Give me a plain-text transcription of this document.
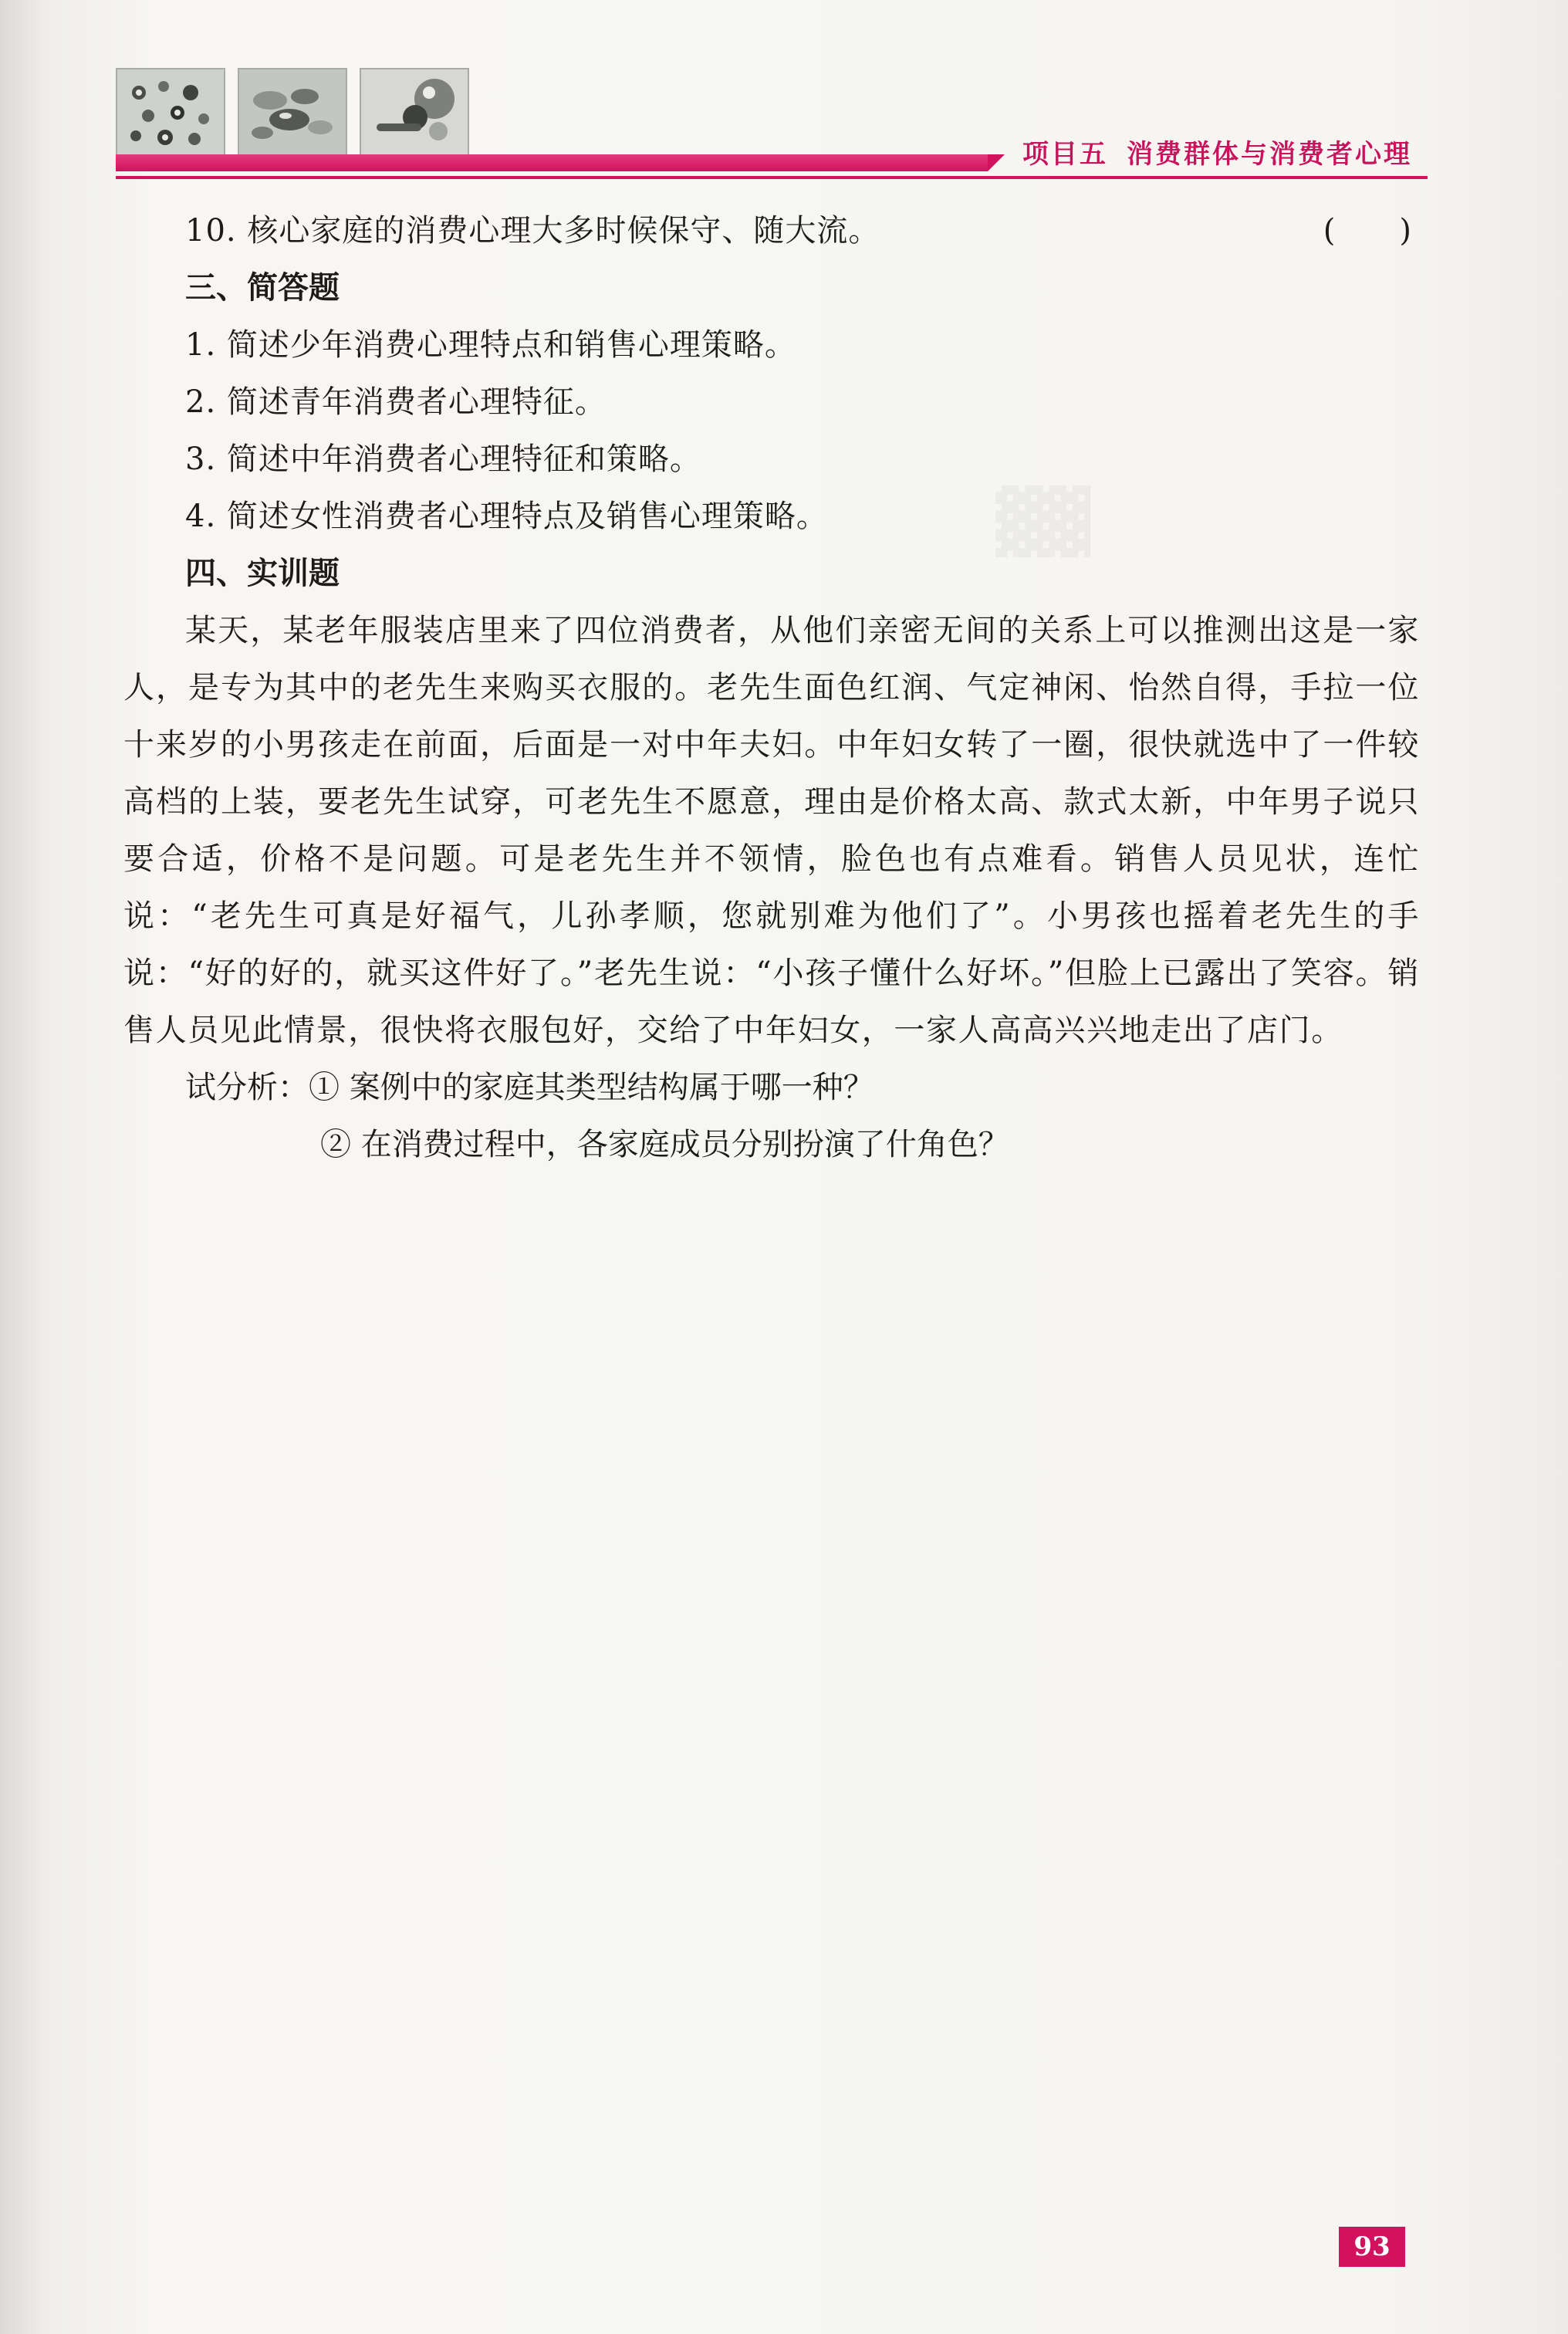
▓▓
项目五 消费群体与消费者心理
10. 核心家庭的消费心理大多时候保守、随大流。	(　　)
三、简答题
1. 简述少年消费心理特点和销售心理策略。
2. 简述青年消费者心理特征。
3. 简述中年消费者心理特征和策略。
4. 简述女性消费者心理特点及销售心理策略。
四、实训题

某天，某老年服装店里来了四位消费者，从他们亲密无间的关系上可以推测出这是一家人，是专为其中的老先生来购买衣服的。老先生面色红润、气定神闲、怡然自得，手拉一位十来岁的小男孩走在前面，后面是一对中年夫妇。中年妇女转了一圈，很快就选中了一件较高档的上装，要老先生试穿，可老先生不愿意，理由是价格太高、款式太新，中年男子说只要合适，价格不是问题。可是老先生并不领情，脸色也有点难看。销售人员见状，连忙说：“老先生可真是好福气，儿孙孝顺，您就别难为他们了”。小男孩也摇着老先生的手说：“好的好的，就买这件好了。”老先生说：“小孩子懂什么好坏。”但脸上已露出了笑容。销售人员见此情景，很快将衣服包好，交给了中年妇女，一家人高高兴兴地走出了店门。

试分析：① 案例中的家庭其类型结构属于哪一种？
② 在消费过程中，各家庭成员分别扮演了什角色？
93
